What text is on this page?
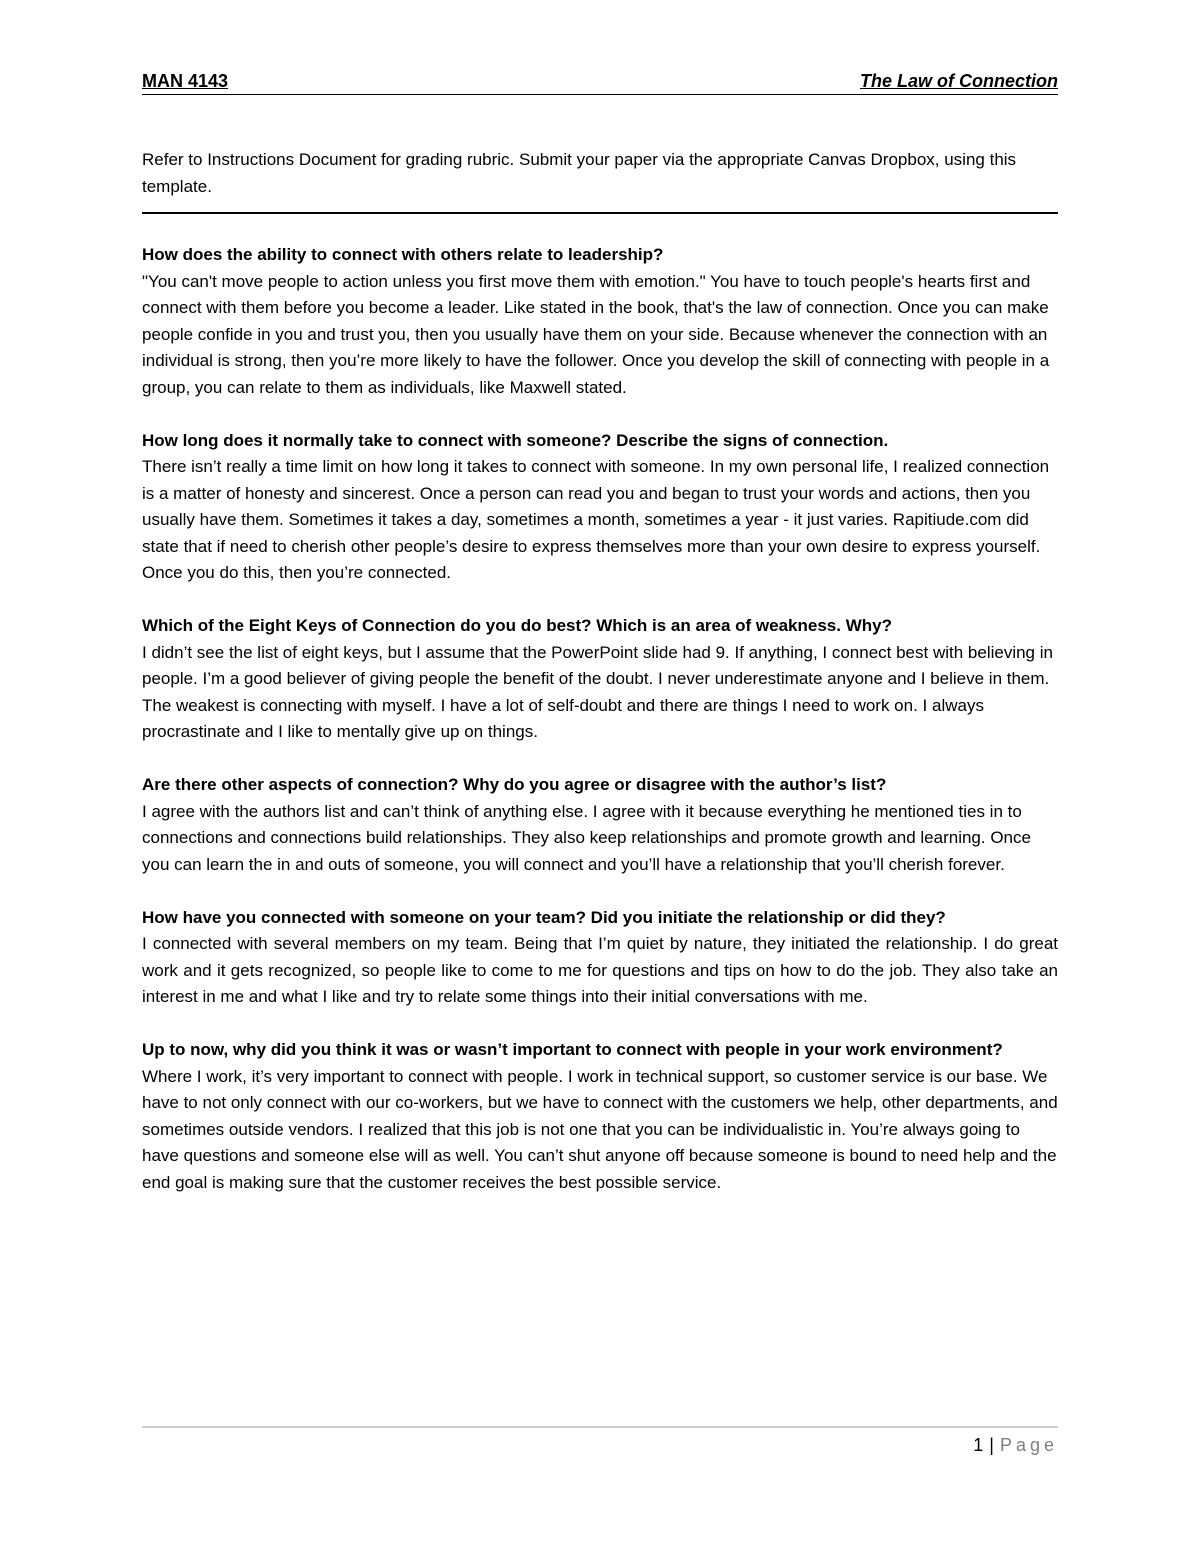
MAN 4143	The Law of Connection
Refer to Instructions Document for grading rubric. Submit your paper via the appropriate Canvas Dropbox, using this template.
How does the ability to connect with others relate to leadership?
"You can't move people to action unless you first move them with emotion." You have to touch people's hearts first and connect with them before you become a leader. Like stated in the book, that's the law of connection. Once you can make people confide in you and trust you, then you usually have them on your side. Because whenever the connection with an individual is strong, then you’re more likely to have the follower. Once you develop the skill of connecting with people in a group, you can relate to them as individuals, like Maxwell stated.
How long does it normally take to connect with someone? Describe the signs of connection.
There isn’t really a time limit on how long it takes to connect with someone. In my own personal life, I realized connection is a matter of honesty and sincerest. Once a person can read you and began to trust your words and actions, then you usually have them. Sometimes it takes a day, sometimes a month, sometimes a year - it just varies. Rapitiude.com did state that if need to cherish other people’s desire to express themselves more than your own desire to express yourself. Once you do this, then you’re connected.
Which of the Eight Keys of Connection do you do best? Which is an area of weakness. Why?
I didn’t see the list of eight keys, but I assume that the PowerPoint slide had 9. If anything, I connect best with believing in people. I’m a good believer of giving people the benefit of the doubt. I never underestimate anyone and I believe in them. The weakest is connecting with myself. I have a lot of self-doubt and there are things I need to work on. I always procrastinate and I like to mentally give up on things.
Are there other aspects of connection? Why do you agree or disagree with the author’s list?
I agree with the authors list and can’t think of anything else. I agree with it because everything he mentioned ties in to connections and connections build relationships. They also keep relationships and promote growth and learning. Once you can learn the in and outs of someone, you will connect and you’ll have a relationship that you’ll cherish forever.
How have you connected with someone on your team? Did you initiate the relationship or did they?
I connected with several members on my team. Being that I’m quiet by nature, they initiated the relationship. I do great work and it gets recognized, so people like to come to me for questions and tips on how to do the job. They also take an interest in me and what I like and try to relate some things into their initial conversations with me.
Up to now, why did you think it was or wasn’t important to connect with people in your work environment?
Where I work, it’s very important to connect with people. I work in technical support, so customer service is our base. We have to not only connect with our co-workers, but we have to connect with the customers we help, other departments, and sometimes outside vendors. I realized that this job is not one that you can be individualistic in. You’re always going to have questions and someone else will as well. You can’t shut anyone off because someone is bound to need help and the end goal is making sure that the customer receives the best possible service.
1 | Page
